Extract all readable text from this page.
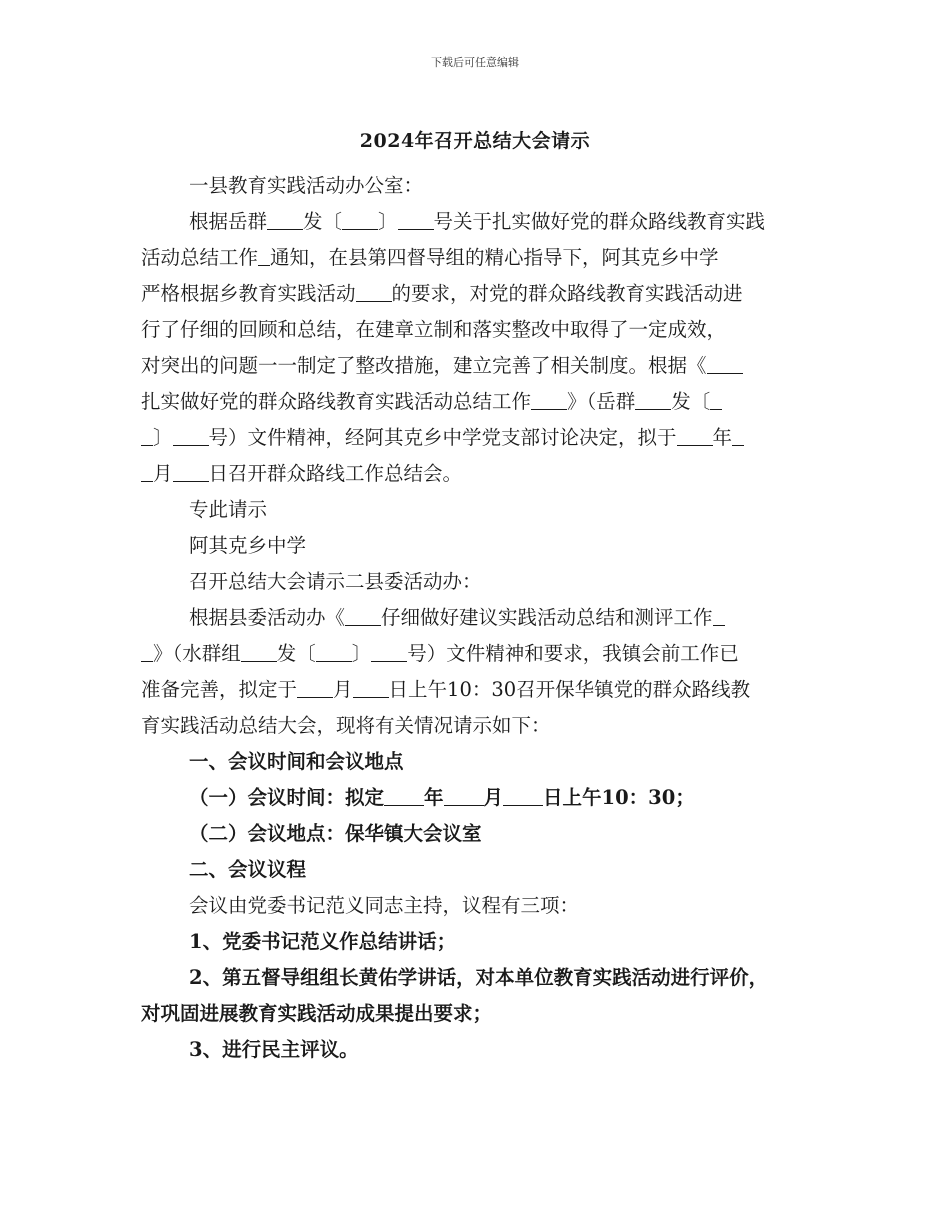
下载后可任意编辑
2024年召开总结大会请示

一县教育实践活动办公室：

根据岳群 发〔 〕 号关于扎实做好党的群众路线教育实践
活动总结工作 通知，在县第四督导组的精心指导下，阿其克乡中学
严格根据乡教育实践活动 的要求，对党的群众路线教育实践活动进
行了仔细的回顾和总结，在建章立制和落实整改中取得了一定成效，
对突出的问题一一制定了整改措施，建立完善了相关制度。根据《
扎实做好党的群众路线教育实践活动总结工作 》（岳群 发〔
〕 号）文件精神，经阿其克乡中学党支部讨论决定，拟于 年
月 日召开群众路线工作总结会。

专此请示

阿其克乡中学

召开总结大会请示二县委活动办：

根据县委活动办《 仔细做好建议实践活动总结和测评工作
》（水群组 发〔 〕 号）文件精神和要求，我镇会前工作已
准备完善，拟定于 月 日上午10：30召开保华镇党的群众路线教
育实践活动总结大会，现将有关情况请示如下：

一、会议时间和会议地点

（一）会议时间：拟定 年 月 日上午10：30；

（二）会议地点：保华镇大会议室

二、会议议程

会议由党委书记范义同志主持，议程有三项：

1、党委书记范义作总结讲话；

2、第五督导组组长黄佑学讲话，对本单位教育实践活动进行评价，
对巩固进展教育实践活动成果提出要求；

3、进行民主评议。
